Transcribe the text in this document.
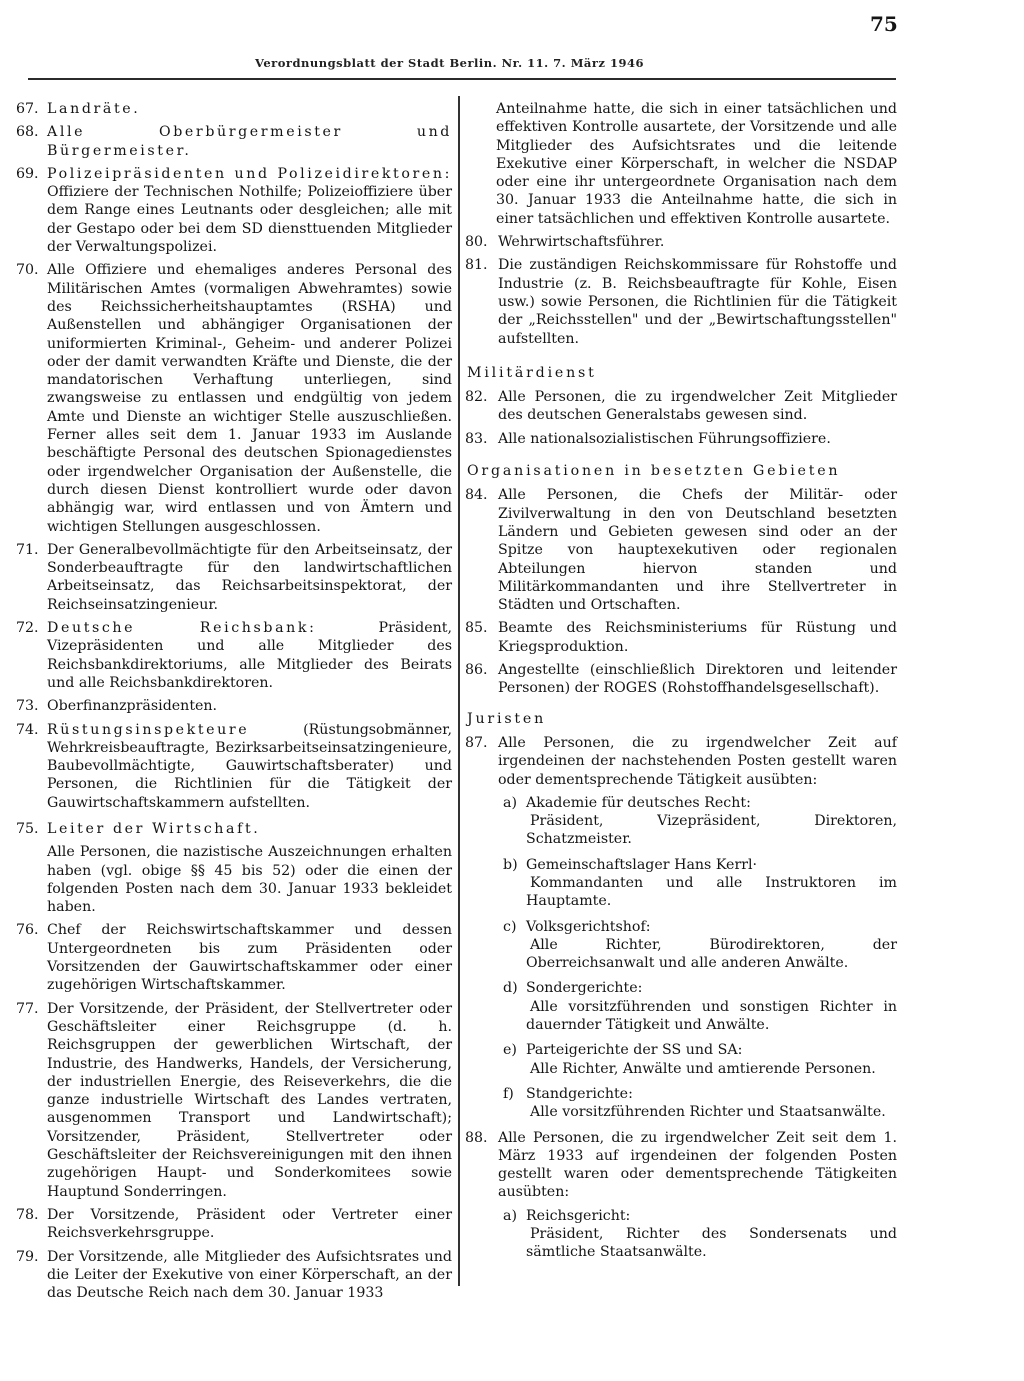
75
Verordnungsblatt der Stadt Berlin. Nr. 11. 7. März 1946
67. Landräte.
68. Alle Oberbürgermeister und Bürgermeister.
69. Polizeipräsidenten und Polizeidirektoren: Offiziere der Technischen Nothilfe; Polizeioffiziere über dem Range eines Leutnants oder desgleichen; alle mit der Gestapo oder bei dem SD diensttuenden Mitglieder der Verwaltungspolizei.
70. Alle Offiziere und ehemaliges anderes Personal des Militärischen Amtes (vormaligen Abwehramtes) sowie des Reichssicherheitshauptamtes (RSHA) und Außenstellen und abhängiger Organisationen der uniformierten Kriminal-, Geheim- und anderer Polizei oder der damit verwandten Kräfte und Dienste, die der mandatorischen Verhaftung unterliegen, sind zwangsweise zu entlassen und endgültig von jedem Amte und Dienste an wichtiger Stelle auszuschließen. Ferner alles seit dem 1. Januar 1933 im Auslande beschäftigte Personal des deutschen Spionagedienstes oder irgendwelcher Organisation der Außenstelle, die durch diesen Dienst kontrolliert wurde oder davon abhängig war, wird entlassen und von Ämtern und wichtigen Stellungen ausgeschlossen.
71. Der Generalbevollmächtigte für den Arbeitseinsatz, der Sonderbeauftragte für den landwirtschaftlichen Arbeitseinsatz, das Reichsarbeitsinspektorat, der Reichseinsatzingenieur.
72. Deutsche Reichsbank: Präsident, Vizepräsidenten und alle Mitglieder des Reichsbankdirektoriums, alle Mitglieder des Beirats und alle Reichsbankdirektoren.
73. Oberfinanzpräsidenten.
74. Rüstungsinspekteure (Rüstungsobmänner, Wehrkreisbeauftragte, Bezirksarbeitseinsatzingenieure, Baubevollmächtigte, Gauwirtschaftsberater) und Personen, die Richtlinien für die Tätigkeit der Gauwirtschaftskammern aufstellten.
75. Leiter der Wirtschaft.
Alle Personen, die nazistische Auszeichnungen erhalten haben (vgl. obige §§ 45 bis 52) oder die einen der folgenden Posten nach dem 30. Januar 1933 bekleidet haben.
76. Chef der Reichswirtschaftskammer und dessen Untergeordneten bis zum Präsidenten oder Vorsitzenden der Gauwirtschaftskammer oder einer zugehörigen Wirtschaftskammer.
77. Der Vorsitzende, der Präsident, der Stellvertreter oder Geschäftsleiter einer Reichsgruppe (d. h. Reichsgruppen der gewerblichen Wirtschaft, der Industrie, des Handwerks, Handels, der Versicherung, der industriellen Energie, des Reiseverkehrs, die die ganze industrielle Wirtschaft des Landes vertraten, ausgenommen Transport und Landwirtschaft); Vorsitzender, Präsident, Stellvertreter oder Geschäftsleiter der Reichsvereinigungen mit den ihnen zugehörigen Haupt- und Sonderkomitees sowie Hauptund Sonderringen.
78. Der Vorsitzende, Präsident oder Vertreter einer Reichsverkehrsgruppe.
79. Der Vorsitzende, alle Mitglieder des Aufsichtsrates und die Leiter der Exekutive von einer Körperschaft, an der das Deutsche Reich nach dem 30. Januar 1933
Anteilnahme hatte, die sich in einer tatsächlichen und effektiven Kontrolle ausartete, der Vorsitzende und alle Mitglieder des Aufsichtsrates und die leitende Exekutive einer Körperschaft, in welcher die NSDAP oder eine ihr untergeordnete Organisation nach dem 30. Januar 1933 die Anteilnahme hatte, die sich in einer tatsächlichen und effektiven Kontrolle ausartete.
80. Wehrwirtschaftsführer.
81. Die zuständigen Reichskommissare für Rohstoffe und Industrie (z. B. Reichsbeauftragte für Kohle, Eisen usw.) sowie Personen, die Richtlinien für die Tätigkeit der „Reichsstellen" und der „Bewirtschaftungsstellen" aufstellten.
Militärdienst
82. Alle Personen, die zu irgendwelcher Zeit Mitglieder des deutschen Generalstabs gewesen sind.
83. Alle nationalsozialistischen Führungsoffiziere.
Organisationen in besetzten Gebieten
84. Alle Personen, die Chefs der Militär- oder Zivilverwaltung in den von Deutschland besetzten Ländern und Gebieten gewesen sind oder an der Spitze von hauptexekutiven oder regionalen Abteilungen hiervon standen und Militärkommandanten und ihre Stellvertreter in Städten und Ortschaften.
85. Beamte des Reichsministeriums für Rüstung und Kriegsproduktion.
86. Angestellte (einschließlich Direktoren und leitender Personen) der ROGES (Rohstoffhandelsgesellschaft).
Juristen
87. Alle Personen, die zu irgendwelcher Zeit auf irgendeinen der nachstehenden Posten gestellt waren oder dementsprechende Tätigkeit ausübten:
a) Akademie für deutsches Recht:
Präsident, Vizepräsident, Direktoren, Schatzmeister.
b) Gemeinschaftslager Hans Kerrl·
Kommandanten und alle Instruktoren im Hauptamte.
c) Volksgerichtshof:
Alle Richter, Bürodirektoren, der Oberreichsanwalt und alle anderen Anwälte.
d) Sondergerichte:
Alle vorsitzführenden und sonstigen Richter in dauernder Tätigkeit und Anwälte.
e) Parteigerichte der SS und SA:
Alle Richter, Anwälte und amtierende Personen.
f) Standgerichte:
Alle vorsitzführenden Richter und Staatsanwälte.
88. Alle Personen, die zu irgendwelcher Zeit seit dem 1. März 1933 auf irgendeinen der folgenden Posten gestellt waren oder dementsprechende Tätigkeiten ausübten:
a) Reichsgericht:
Präsident, Richter des Sondersenats und sämtliche Staatsanwälte.
